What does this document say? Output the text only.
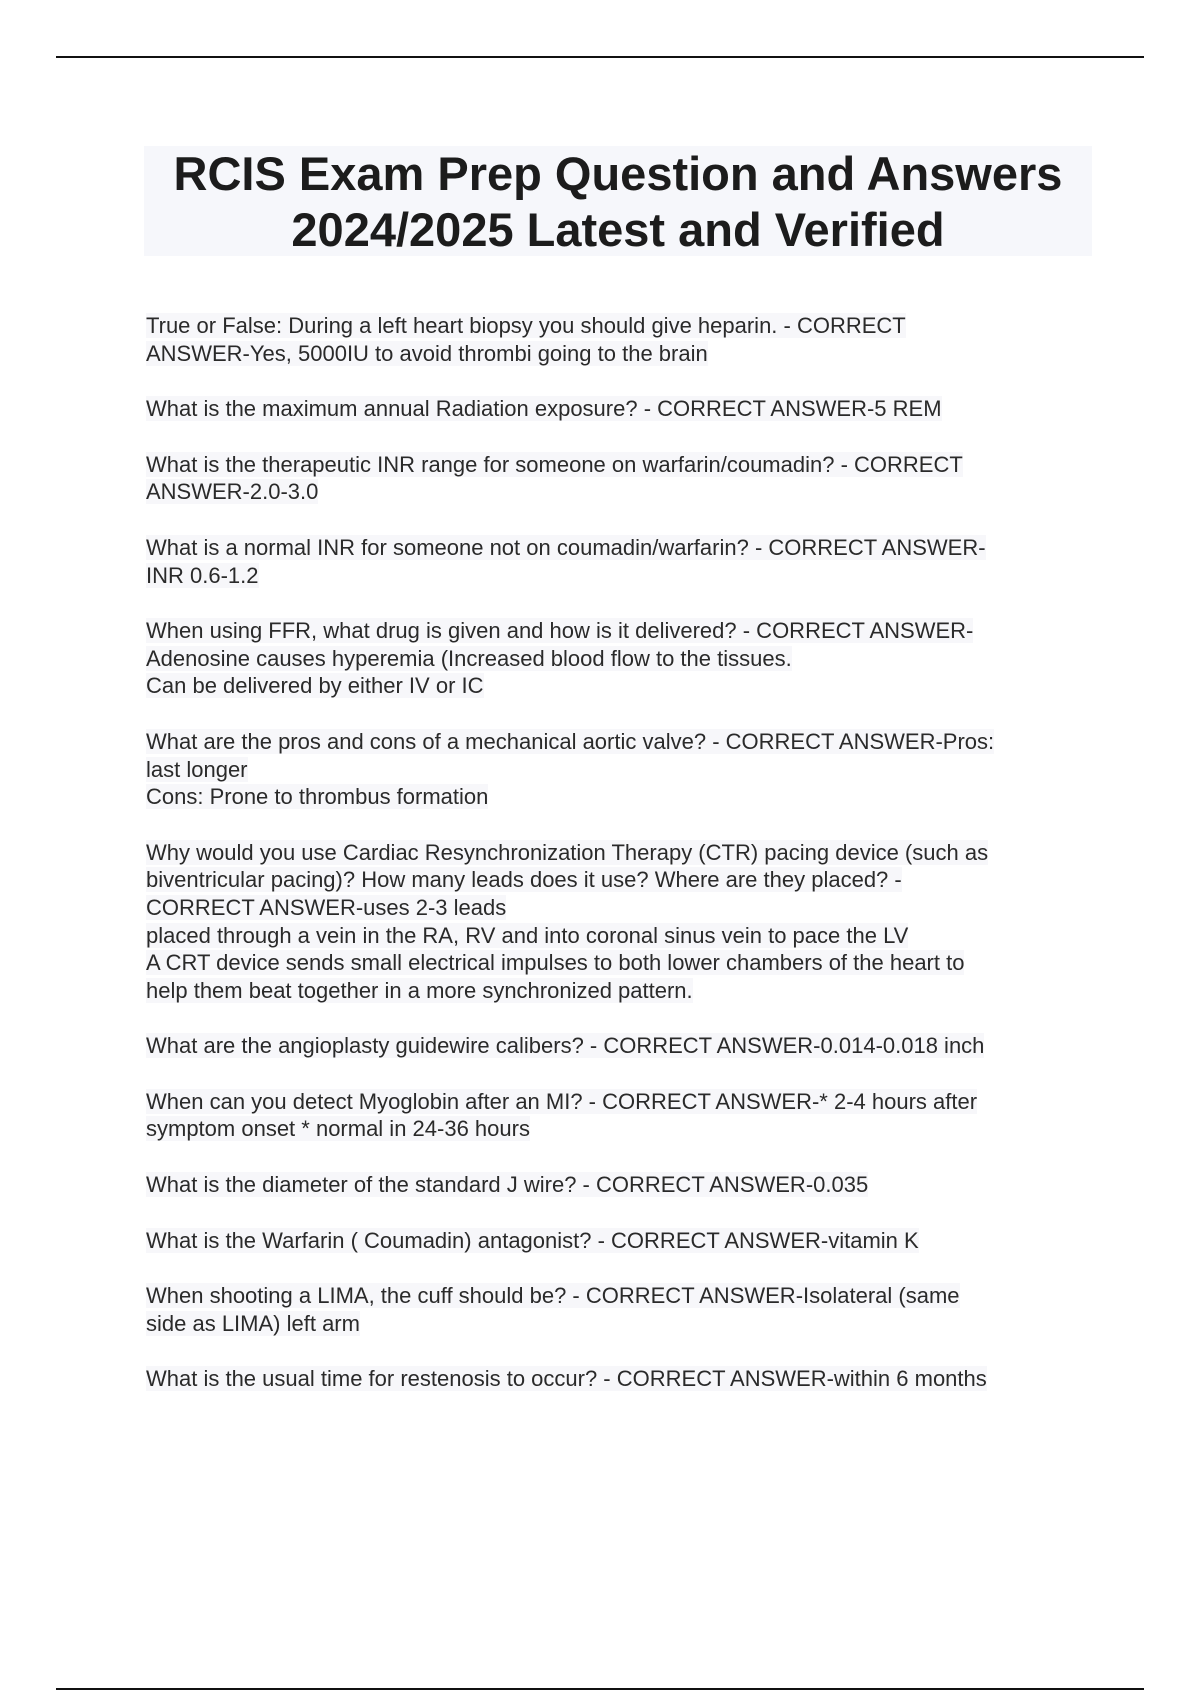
RCIS Exam Prep Question and Answers
2024/2025 Latest and Verified
True or False: During a left heart biopsy you should give heparin. - CORRECT
ANSWER-Yes, 5000IU to avoid thrombi going to the brain
What is the maximum annual Radiation exposure? - CORRECT ANSWER-5 REM
What is the therapeutic INR range for someone on warfarin/coumadin? - CORRECT
ANSWER-2.0-3.0
What is a normal INR for someone not on coumadin/warfarin? - CORRECT ANSWER-
INR 0.6-1.2
When using FFR, what drug is given and how is it delivered? - CORRECT ANSWER-
Adenosine causes hyperemia (Increased blood flow to the tissues.
Can be delivered by either IV or IC
What are the pros and cons of a mechanical aortic valve? - CORRECT ANSWER-Pros:
last longer
Cons: Prone to thrombus formation
Why would you use Cardiac Resynchronization Therapy (CTR) pacing device (such as
biventricular pacing)? How many leads does it use? Where are they placed? -
CORRECT ANSWER-uses 2-3 leads
placed through a vein in the RA, RV and into coronal sinus vein to pace the LV
A CRT device sends small electrical impulses to both lower chambers of the heart to
help them beat together in a more synchronized pattern.
What are the angioplasty guidewire calibers? - CORRECT ANSWER-0.014-0.018 inch
When can you detect Myoglobin after an MI? - CORRECT ANSWER-* 2-4 hours after
symptom onset * normal in 24-36 hours
What is the diameter of the standard J wire? - CORRECT ANSWER-0.035
What is the Warfarin ( Coumadin) antagonist? - CORRECT ANSWER-vitamin K
When shooting a LIMA, the cuff should be? - CORRECT ANSWER-Isolateral (same
side as LIMA) left arm
What is the usual time for restenosis to occur? - CORRECT ANSWER-within 6 months
